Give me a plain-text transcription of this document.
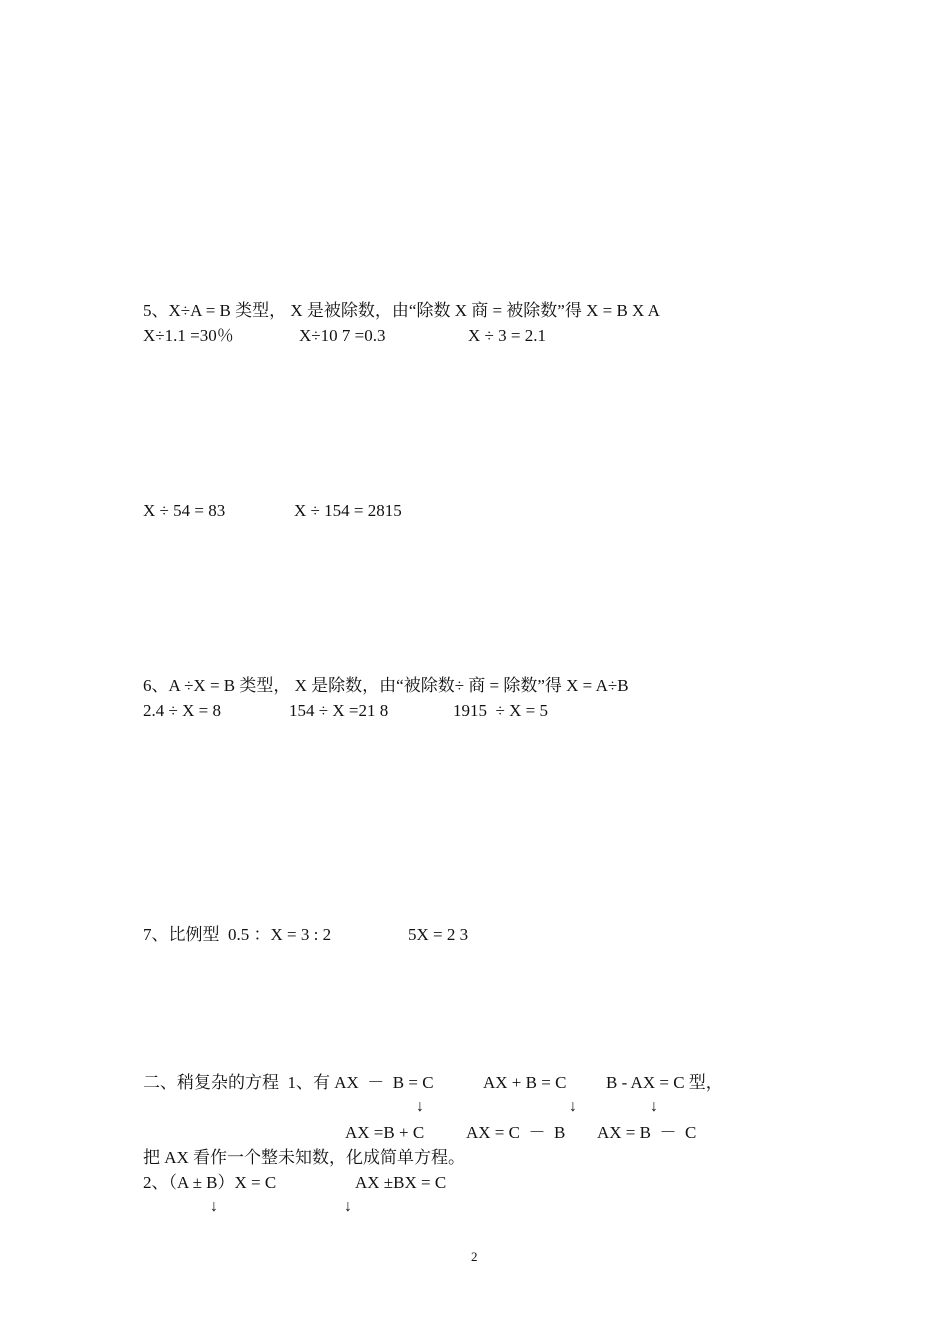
5、X÷A = B 类型， X 是被除数，由“除数 X 商 = 被除数”得 X = B X A
X÷1.1 =30％	X÷10 7 =0.3	X ÷ 3 = 2.1
X ÷ 54 = 83	X ÷ 154 = 2815
6、A ÷X = B 类型， X 是除数，由“被除数÷ 商 = 除数”得 X = A÷B
2.4 ÷ X = 8	154 ÷ X =21 8	1915  ÷ X = 5
7、比例型  0.5 ：X = 3 : 2	5X = 2 3
二、稍复杂的方程  1、有 AX  －  B = C	AX + B = C B - AX = C 型，
↓	↓	↓
AX =B + C AX = C  －  B AX = B  －  C
把 AX 看作一个整未知数，化成简单方程。
2、（A ± B）X = C	AX ±BX = C
↓	↓
2
